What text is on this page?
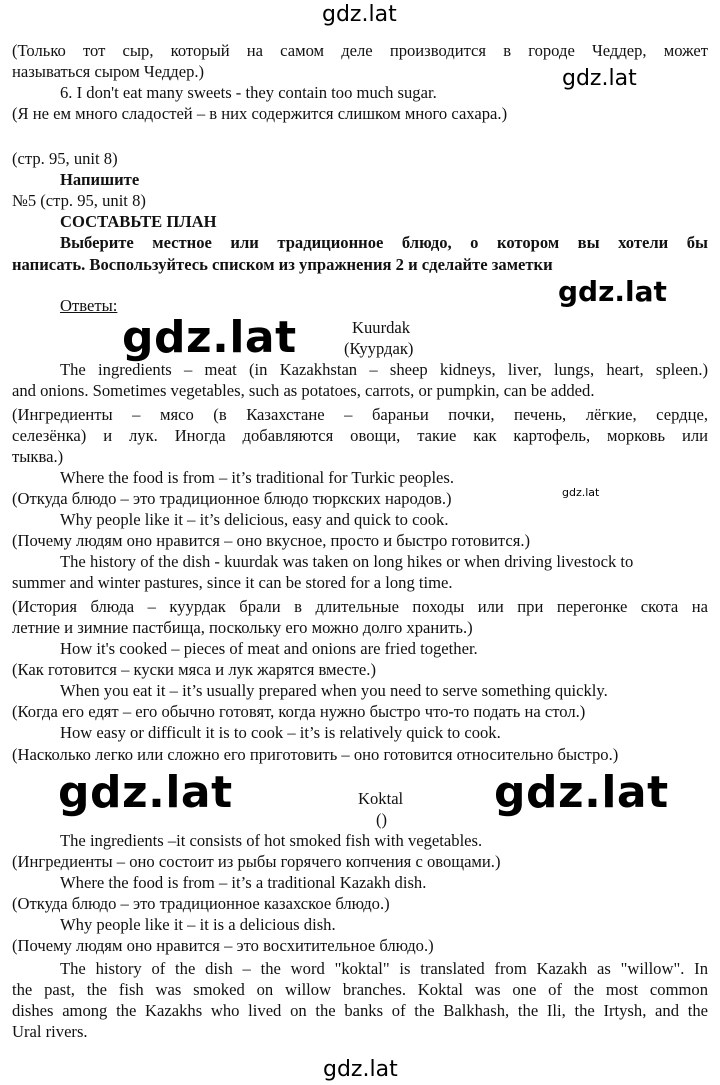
gdz.lat
gdz.lat
gdz.lat
gdz.lat
gdz.lat
gdz.lat	gdz.lat
gdz.lat
(Только тот сыр, который на самом деле производится в городе Чеддер, может
называться сыром Чеддер.)
6. I don't eat many sweets - they contain too much sugar.
(Я не ем много сладостей – в них содержится слишком много сахара.)
(стр. 95, unit 8)
Напишите
№5 (стр. 95, unit 8)
СОСТАВЬТЕ ПЛАН
Выберите местное или традиционное блюдо, о котором вы хотели бы
написать. Воспользуйтесь списком из упражнения 2 и сделайте заметки
Ответы:
Kuurdak
(Куурдак)
The ingredients – meat (in Kazakhstan – sheep kidneys, liver, lungs, heart, spleen.)
and onions. Sometimes vegetables, such as potatoes, carrots, or pumpkin, can be added.
(Ингредиенты – мясо (в Казахстане – бараньи почки, печень, лёгкие, сердце,
селезёнка) и лук. Иногда добавляются овощи, такие как картофель, морковь или
тыква.)
Where the food is from – it’s traditional for Turkic peoples.
(Откуда блюдо – это традиционное блюдо тюркских народов.)
Why people like it – it’s delicious, easy and quick to cook.
(Почему людям оно нравится – оно вкусное, просто и быстро готовится.)
The history of the dish - kuurdak was taken on long hikes or when driving livestock to
summer and winter pastures, since it can be stored for a long time.
(История блюда – куурдак брали в длительные походы или при перегонке скота на
летние и зимние пастбища, поскольку его можно долго хранить.)
How it's cooked – pieces of meat and onions are fried together.
(Как готовится – куски мяса и лук жарятся вместе.)
When you eat it – it’s usually prepared when you need to serve something quickly.
(Когда его едят – его обычно готовят, когда нужно быстро что-то подать на стол.)
How easy or difficult it is to cook – it’s is relatively quick to cook.
(Насколько легко или сложно его приготовить – оно готовится относительно быстро.)
Koktal
()
The ingredients –it consists of hot smoked fish with vegetables.
(Ингредиенты – оно состоит из рыбы горячего копчения с овощами.)
Where the food is from – it’s a traditional Kazakh dish.
(Откуда блюдо – это традиционное казахское блюдо.)
Why people like it – it is a delicious dish.
(Почему людям оно нравится – это восхитительное блюдо.)
The history of the dish – the word "koktal" is translated from Kazakh as "willow". In
the past, the fish was smoked on willow branches. Koktal was one of the most common
dishes among the Kazakhs who lived on the banks of the Balkhash, the Ili, the Irtysh, and the
Ural rivers.
